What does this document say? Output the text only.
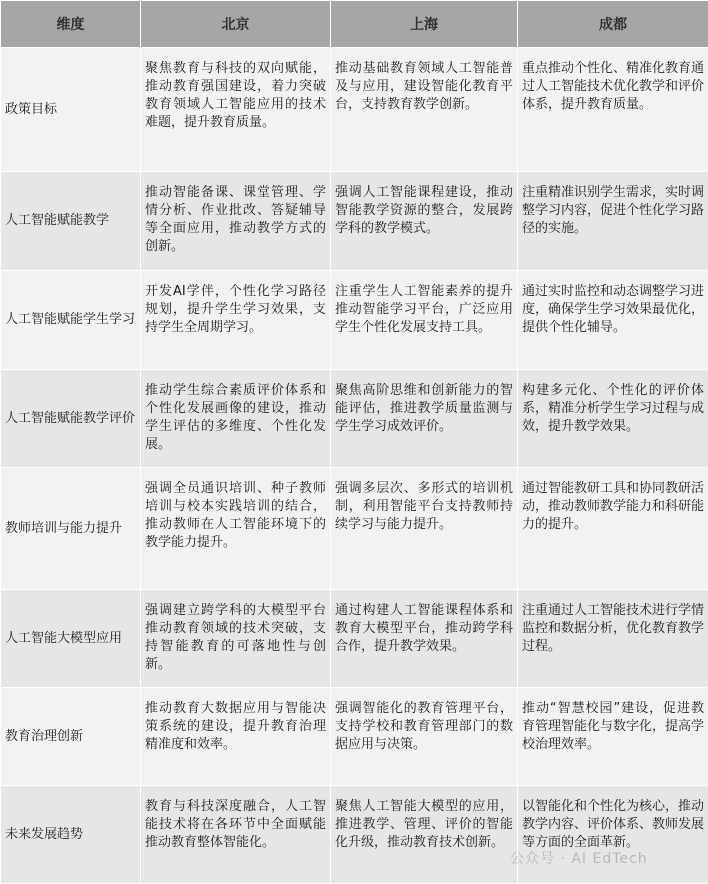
维度	北京	上海	成都
政策目标	聚焦教育与科技的双向赋能，推动教育强国建设，着力突破教育领域人工智能应用的技术难题，提升教育质量。	推动基础教育领域人工智能普及与应用，建设智能化教育平台，支持教育教学创新。	重点推动个性化、精准化教育通过人工智能技术优化教学和评价体系，提升教育质量。
人工智能赋能教学	推动智能备课、课堂管理、学情分析、作业批改、答疑辅导等全面应用，推动教学方式的创新。	强调人工智能课程建设，推动智能教学资源的整合，发展跨学科的教学模式。	注重精准识别学生需求，实时调整学习内容，促进个性化学习路径的实施。
人工智能赋能学生学习	开发AI学伴，个性化学习路径规划，提升学生学习效果，支持学生全周期学习。	注重学生人工智能素养的提升推动智能学习平台，广泛应用学生个性化发展支持工具。	通过实时监控和动态调整学习进度，确保学生学习效果最优化，提供个性化辅导。
人工智能赋能教学评价	推动学生综合素质评价体系和个性化发展画像的建设，推动学生评估的多维度、个性化发展。	聚焦高阶思维和创新能力的智能评估，推进教学质量监测与学生学习成效评价。	构建多元化、个性化的评价体系，精准分析学生学习过程与成效，提升教学效果。
教师培训与能力提升	强调全员通识培训、种子教师培训与校本实践培训的结合，推动教师在人工智能环境下的教学能力提升。	强调多层次、多形式的培训机制，利用智能平台支持教师持续学习与能力提升。	通过智能教研工具和协同教研活动，推动教师教学能力和科研能力的提升。
人工智能大模型应用	强调建立跨学科的大模型平台推动教育领域的技术突破，支持智能教育的可落地性与创新。	通过构建人工智能课程体系和教育大模型平台，推动跨学科合作，提升教学效果。	注重通过人工智能技术进行学情监控和数据分析，优化教育教学过程。
教育治理创新	推动教育大数据应用与智能决策系统的建设，提升教育治理精准度和效率。	强调智能化的教育管理平台，支持学校和教育管理部门的数据应用与决策。	推动“智慧校园”建设，促进教育管理智能化与数字化，提高学校治理效率。
未来发展趋势	教育与科技深度融合，人工智能技术将在各环节中全面赋能推动教育整体智能化。	聚焦人工智能大模型的应用，推进教学、管理、评价的智能化升级，推动教育技术创新。	以智能化和个性化为核心，推动教学内容、评价体系、教师发展等方面的全面革新。
公众号 · AI EdTech
